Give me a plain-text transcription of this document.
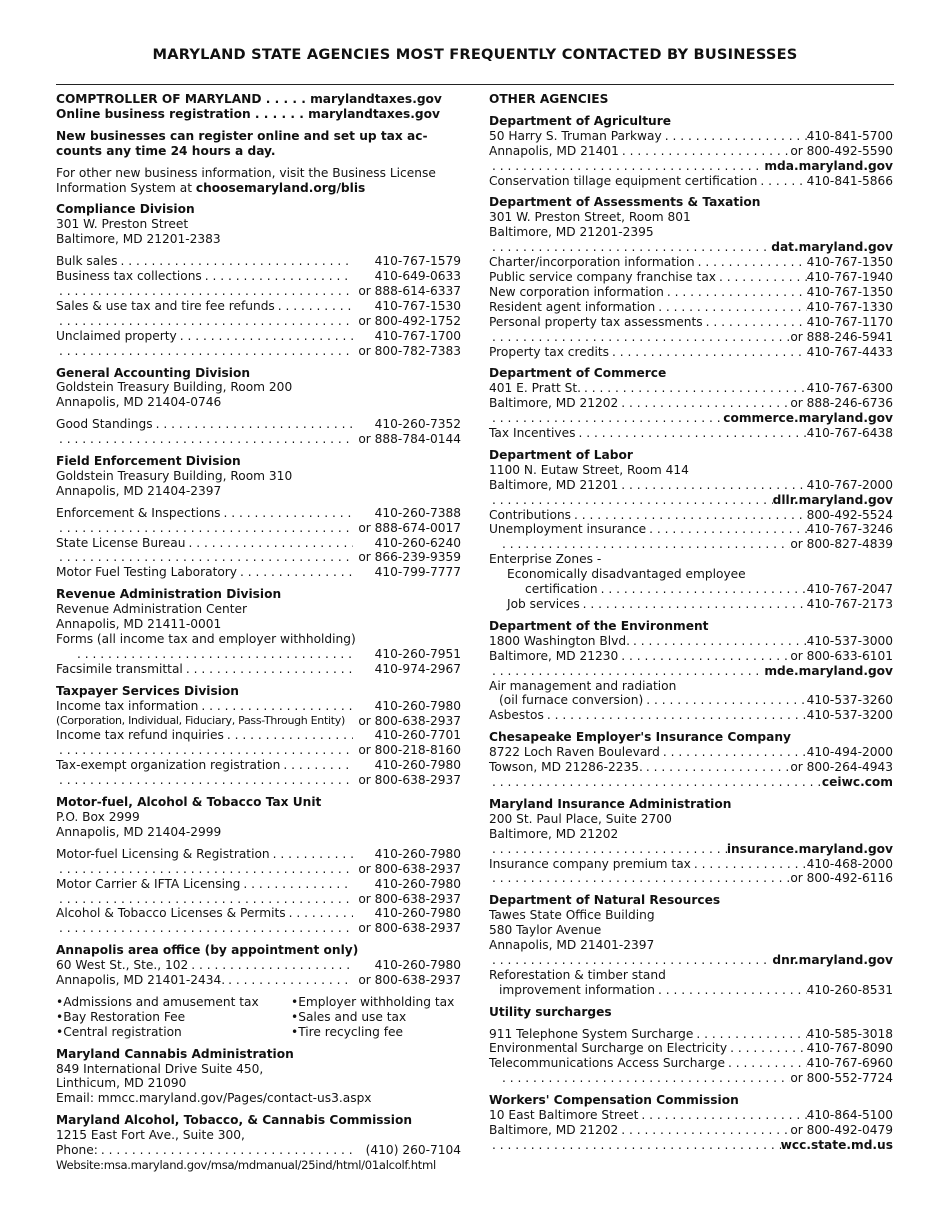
MARYLAND STATE AGENCIES MOST FREQUENTLY CONTACTED BY BUSINESSES
COMPTROLLER OF MARYLAND . . . . . marylandtaxes.gov
Online business registration . . . . . . marylandtaxes.gov
New businesses can register online and set up tax ac-
counts any time 24 hours a day.
For other new business information, visit the Business License
Information System at choosemaryland.org/blis
Compliance Division
301 W. Preston Street
Baltimore, MD 21201-2383
Bulk sales . . .	410-767-1579
Business tax collections . . .	410-649-0633
. . .
or 888-614-6337
Sales & use tax and tire fee refunds . . .	410-767-1530
. . .
or 800-492-1752
Unclaimed property . . .	410-767-1700
. . .
or 800-782-7383
General Accounting Division
Goldstein Treasury Building, Room 200
Annapolis, MD 21404-0746
Good Standings . . .	410-260-7352
. . .
or 888-784-0144
Field Enforcement Division
Goldstein Treasury Building, Room 310
Annapolis, MD 21404-2397
Enforcement & Inspections . . .	410-260-7388
. . .
or 888-674-0017
State License Bureau . . .	410-260-6240
. . .
or 866-239-9359
Motor Fuel Testing Laboratory . . .	410-799-7777
Revenue Administration Division
Revenue Administration Center
Annapolis, MD 21411-0001
Forms (all income tax and employer withholding)
. . .
410-260-7951
Facsimile transmittal . . .	410-974-2967
Taxpayer Services Division
Income tax information . . .	410-260-7980
(Corporation, Individual, Fiduciary, Pass-Through Entity)	or 800-638-2937
Income tax refund inquiries . . .	410-260-7701
. . .
or 800-218-8160
Tax-exempt organization registration . . .	410-260-7980
. . .
or 800-638-2937
Motor-fuel, Alcohol & Tobacco Tax Unit
P.O. Box 2999
Annapolis, MD 21404-2999
Motor-fuel Licensing & Registration . . .	410-260-7980
. . .
or 800-638-2937
Motor Carrier & IFTA Licensing . . .	410-260-7980
. . .
or 800-638-2937
Alcohol & Tobacco Licenses & Permits . . .	410-260-7980
. . .
or 800-638-2937
Annapolis area office (by appointment only)
60 West St., Ste., 102 . . .	410-260-7980
Annapolis, MD 21401-2434. . . .	or 800-638-2937
• Admissions and amusement tax	• Employer withholding tax
• Bay Restoration Fee	• Sales and use tax
• Central registration	• Tire recycling fee
Maryland Cannabis Administration
849 International Drive Suite 450,
Linthicum, MD 21090
Email: mmcc.maryland.gov/Pages/contact-us3.aspx
Maryland Alcohol, Tobacco, & Cannabis Commission
1215 East Fort Ave., Suite 300,
Phone: . . .	(410) 260-7104
Website:msa.maryland.gov/msa/mdmanual/25ind/html/01alcolf.html
OTHER AGENCIES
Department of Agriculture
50 Harry S. Truman Parkway . . .	410-841-5700
Annapolis, MD 21401 . . .	or 800-492-5590
. . .
mda.maryland.gov
Conservation tillage equipment certification . . .	410-841-5866
Department of Assessments & Taxation
301 W. Preston Street, Room 801
Baltimore, MD 21201-2395
. . .
dat.maryland.gov
Charter/incorporation information . . .	410-767-1350
Public service company franchise tax . . .	410-767-1940
New corporation information . . .	410-767-1350
Resident agent information . . .	410-767-1330
Personal property tax assessments . . .	410-767-1170
. . .
or 888-246-5941
Property tax credits . . .	410-767-4433
Department of Commerce
401 E. Pratt St. . . .	410-767-6300
Baltimore, MD 21202 . . .	or 888-246-6736
. . .
commerce.maryland.gov
Tax Incentives . . .	410-767-6438
Department of Labor
1100 N. Eutaw Street, Room 414
Baltimore, MD 21201 . . .	410-767-2000
. . .
dllr.maryland.gov
Contributions . . .	800-492-5524
Unemployment insurance . . .	410-767-3246
. . .
or 800-827-4839
Enterprise Zones -
Economically disadvantaged employee
certification . . .	410-767-2047
Job services . . .	410-767-2173
Department of the Environment
1800 Washington Blvd. . . .	410-537-3000
Baltimore, MD 21230 . . .	or 800-633-6101
. . .
mde.maryland.gov
Air management and radiation
(oil furnace conversion) . . .	410-537-3260
Asbestos . . .	410-537-3200
Chesapeake Employer's Insurance Company
8722 Loch Raven Boulevard . . .	410-494-2000
Towson, MD 21286-2235. . . .	or 800-264-4943
. . .
ceiwc.com
Maryland Insurance Administration
200 St. Paul Place, Suite 2700
Baltimore, MD 21202
. . .
insurance.maryland.gov
Insurance company premium tax . . .	410-468-2000
. . .
or 800-492-6116
Department of Natural Resources
Tawes State Office Building
580 Taylor Avenue
Annapolis, MD 21401-2397
. . .
dnr.maryland.gov
Reforestation & timber stand
improvement information . . .	410-260-8531
Utility surcharges
911 Telephone System Surcharge . . .	410-585-3018
Environmental Surcharge on Electricity . . .	410-767-8090
Telecommunications Access Surcharge . . .	410-767-6960
. . .
or 800-552-7724
Workers' Compensation Commission
10 East Baltimore Street . . .	410-864-5100
Baltimore, MD 21202 . . .	or 800-492-0479
. . .
wcc.state.md.us
